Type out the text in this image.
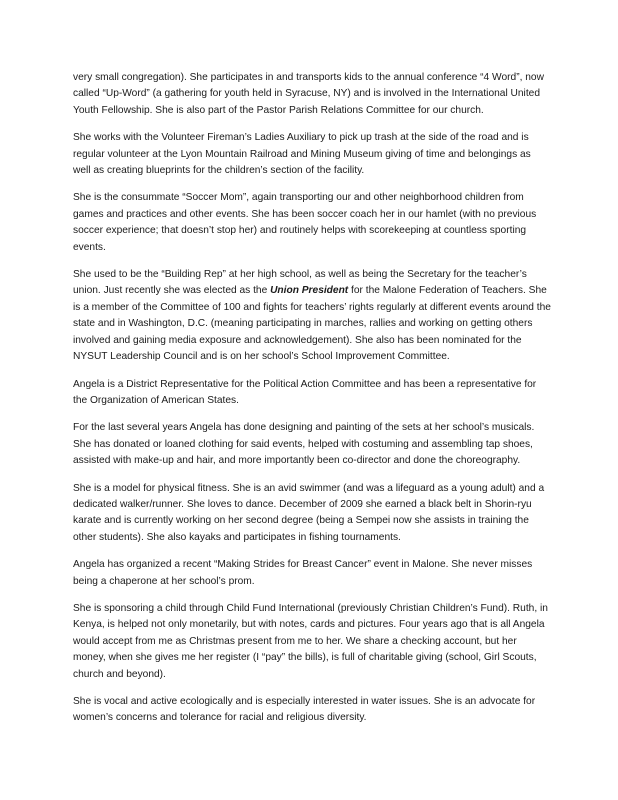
very small congregation). She participates in and transports kids to the annual conference “4 Word”, now called “Up-Word” (a gathering for youth held in Syracuse, NY) and is involved in the International United Youth Fellowship. She is also part of the Pastor Parish Relations Committee for our church.

She works with the Volunteer Fireman’s Ladies Auxiliary to pick up trash at the side of the road and is regular volunteer at the Lyon Mountain Railroad and Mining Museum giving of time and belongings as well as creating blueprints for the children’s section of the facility.

She is the consummate “Soccer Mom”, again transporting our and other neighborhood children from games and practices and other events. She has been soccer coach her in our hamlet (with no previous soccer experience; that doesn’t stop her) and routinely helps with scorekeeping at countless sporting events.

She used to be the “Building Rep” at her high school, as well as being the Secretary for the teacher’s union. Just recently she was elected as the Union President for the Malone Federation of Teachers. She is a member of the Committee of 100 and fights for teachers’ rights regularly at different events around the state and in Washington, D.C. (meaning participating in marches, rallies and working on getting others involved and gaining media exposure and acknowledgement). She also has been nominated for the NYSUT Leadership Council and is on her school’s School Improvement Committee.

Angela is a District Representative for the Political Action Committee and has been a representative for the Organization of American States.

For the last several years Angela has done designing and painting of the sets at her school’s musicals. She has donated or loaned clothing for said events, helped with costuming and assembling tap shoes, assisted with make-up and hair, and more importantly been co-director and done the choreography.

She is a model for physical fitness. She is an avid swimmer (and was a lifeguard as a young adult) and a dedicated walker/runner. She loves to dance. December of 2009 she earned a black belt in Shorin-ryu karate and is currently working on her second degree (being a Sempei now she assists in training the other students). She also kayaks and participates in fishing tournaments.

Angela has organized a recent “Making Strides for Breast Cancer” event in Malone. She never misses being a chaperone at her school’s prom.

She is sponsoring a child through Child Fund International (previously Christian Children’s Fund). Ruth, in Kenya, is helped not only monetarily, but with notes, cards and pictures. Four years ago that is all Angela would accept from me as Christmas present from me to her. We share a checking account, but her money, when she gives me her register (I “pay” the bills), is full of charitable giving (school, Girl Scouts, church and beyond).

She is vocal and active ecologically and is especially interested in water issues. She is an advocate for women’s concerns and tolerance for racial and religious diversity.
